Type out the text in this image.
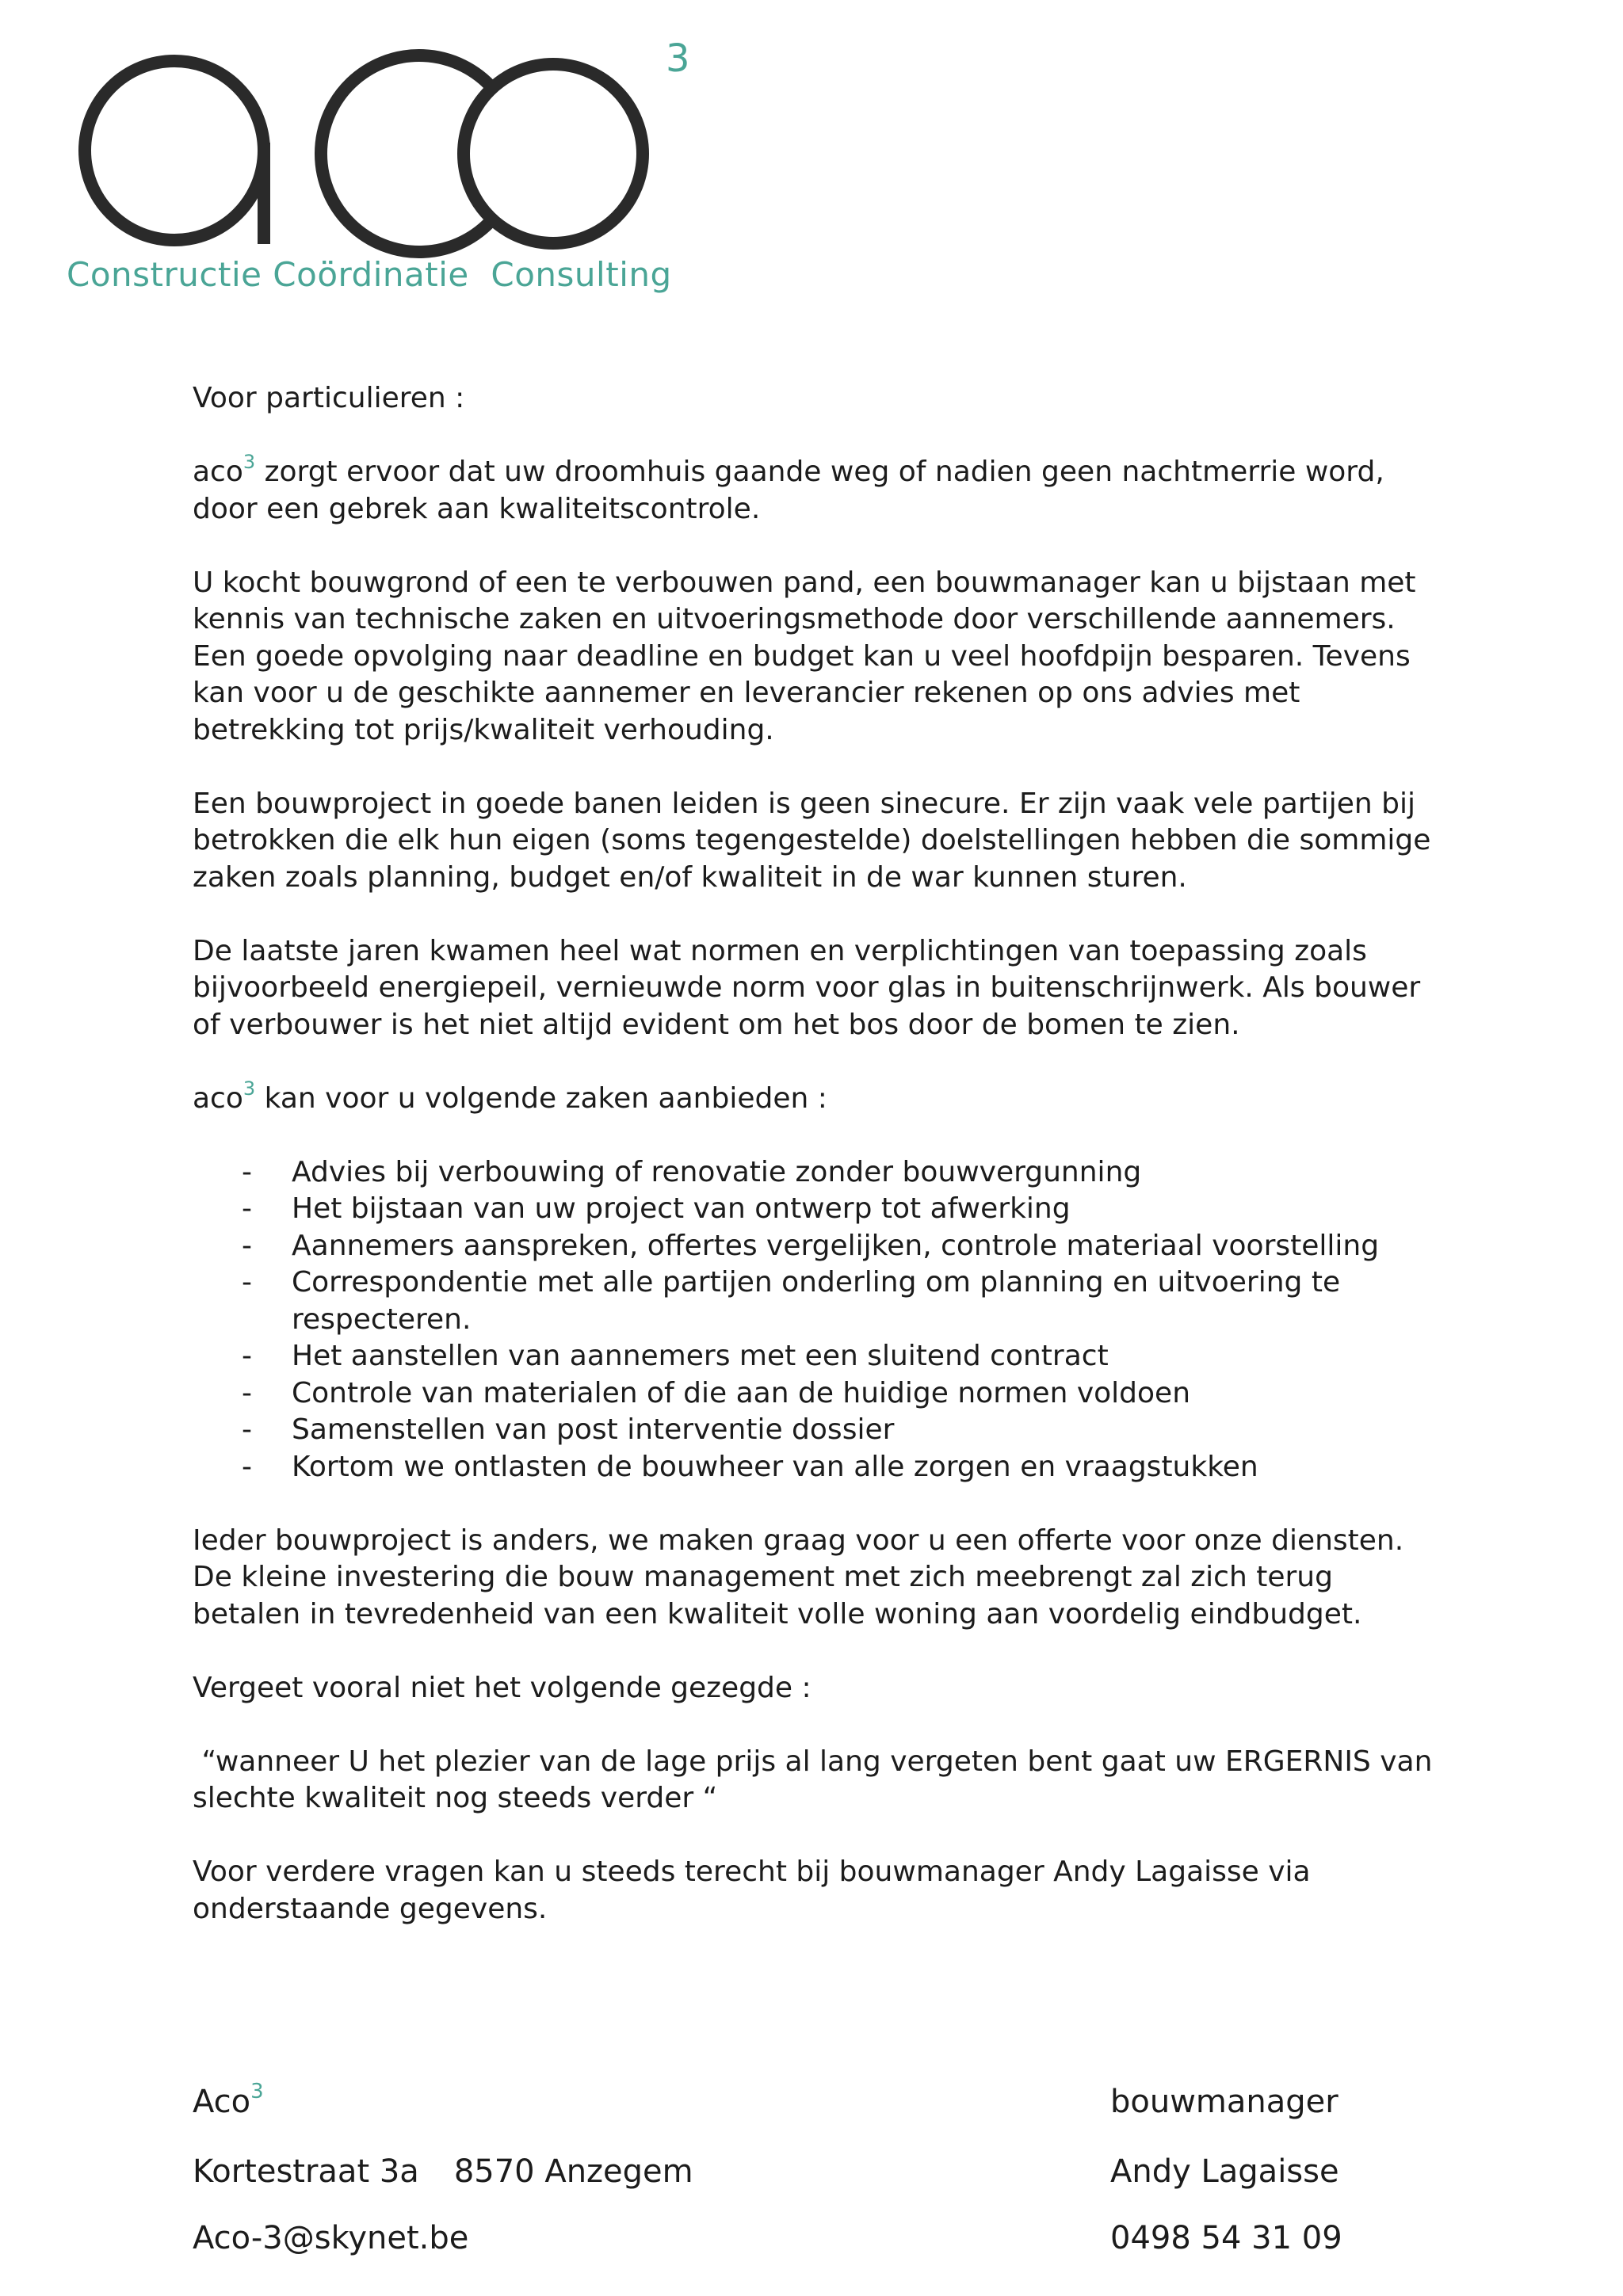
3
Constructie Coördinatie  Consulting

Voor particulieren :

aco$^3$ zorgt ervoor dat uw droomhuis gaande weg of nadien geen nachtmerrie word, door een gebrek aan kwaliteitscontrole.

U kocht bouwgrond of een te verbouwen pand, een bouwmanager kan u bijstaan met kennis van technische zaken en uitvoeringsmethode door verschillende aannemers. Een goede opvolging naar deadline en budget kan u veel hoofdpijn besparen. Tevens kan voor u de geschikte aannemer en leverancier rekenen op ons advies met betrekking tot prijs/kwaliteit verhouding.

Een bouwproject in goede banen leiden is geen sinecure. Er zijn vaak vele partijen bij betrokken die elk hun eigen (soms tegengestelde) doelstellingen hebben die sommige zaken zoals planning, budget en/of kwaliteit in de war kunnen sturen.

De laatste jaren kwamen heel wat normen en verplichtingen van toepassing zoals bijvoorbeeld energiepeil, vernieuwde norm voor glas in buitenschrijnwerk. Als bouwer of verbouwer is het niet altijd evident om het bos door de bomen te zien.

aco$^3$ kan voor u volgende zaken aanbieden :

- Advies bij verbouwing of renovatie zonder bouwvergunning
- Het bijstaan van uw project van ontwerp tot afwerking
- Aannemers aanspreken, offertes vergelijken, controle materiaal voorstelling
- Correspondentie met alle partijen onderling om planning en uitvoering te respecteren.
- Het aanstellen van aannemers met een sluitend contract
- Controle van materialen of die aan de huidige normen voldoen
- Samenstellen van post interventie dossier
- Kortom we ontlasten de bouwheer van alle zorgen en vraagstukken

Ieder bouwproject is anders, we maken graag voor u een offerte voor onze diensten. De kleine investering die bouw management met zich meebrengt zal zich terug betalen in tevredenheid van een kwaliteit volle woning aan voordelig eindbudget.

Vergeet vooral niet het volgende gezegde :

“wanneer U het plezier van de lage prijs al lang vergeten bent gaat uw ERGERNIS van slechte kwaliteit nog steeds verder “

Voor verdere vragen kan u steeds terecht bij bouwmanager Andy Lagaisse via onderstaande gegevens.

Aco$^3$	bouwmanager
Kortestraat 3a 8570 Anzegem	Andy Lagaisse
Aco-3@skynet.be	0498 54 31 09
